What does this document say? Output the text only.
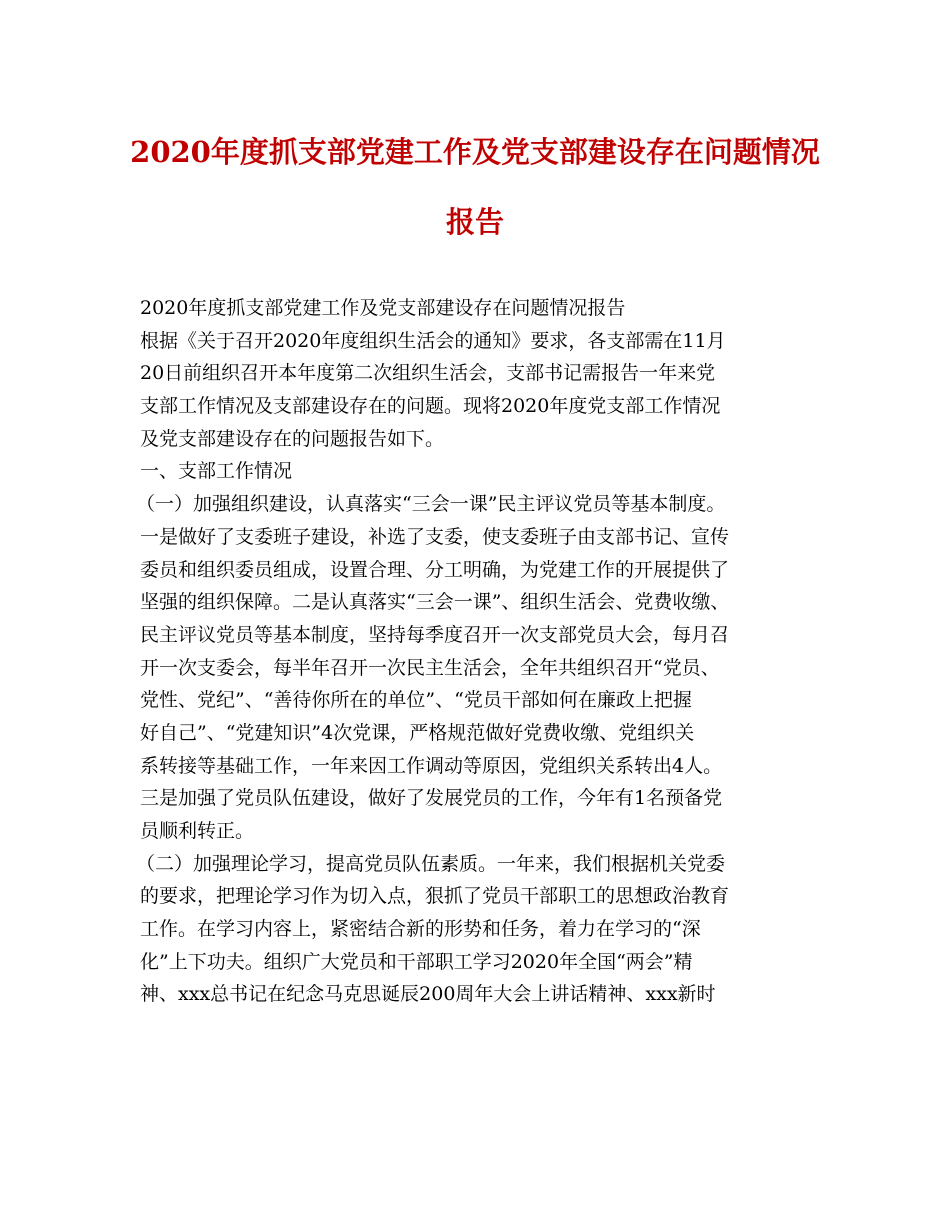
2020年度抓支部党建工作及党支部建设存在问题情况
报告
2020年度抓支部党建工作及党支部建设存在问题情况报告
根据《关于召开2020年度组织生活会的通知》要求，各支部需在11月
20日前组织召开本年度第二次组织生活会，支部书记需报告一年来党
支部工作情况及支部建设存在的问题。现将2020年度党支部工作情况
及党支部建设存在的问题报告如下。
一、支部工作情况
（一）加强组织建设，认真落实“三会一课”民主评议党员等基本制度。
一是做好了支委班子建设，补选了支委，使支委班子由支部书记、宣传
委员和组织委员组成，设置合理、分工明确，为党建工作的开展提供了
坚强的组织保障。二是认真落实“三会一课”、组织生活会、党费收缴、
民主评议党员等基本制度，坚持每季度召开一次支部党员大会，每月召
开一次支委会，每半年召开一次民主生活会，全年共组织召开“党员、
党性、党纪”、“善待你所在的单位”、“党员干部如何在廉政上把握
好自己”、“党建知识”4次党课，严格规范做好党费收缴、党组织关
系转接等基础工作，一年来因工作调动等原因，党组织关系转出4人。
三是加强了党员队伍建设，做好了发展党员的工作，今年有1名预备党
员顺利转正。
（二）加强理论学习，提高党员队伍素质。一年来，我们根据机关党委
的要求，把理论学习作为切入点，狠抓了党员干部职工的思想政治教育
工作。在学习内容上，紧密结合新的形势和任务，着力在学习的“深
化”上下功夫。组织广大党员和干部职工学习2020年全国“两会”精
神、xxx总书记在纪念马克思诞辰200周年大会上讲话精神、xxx新时
